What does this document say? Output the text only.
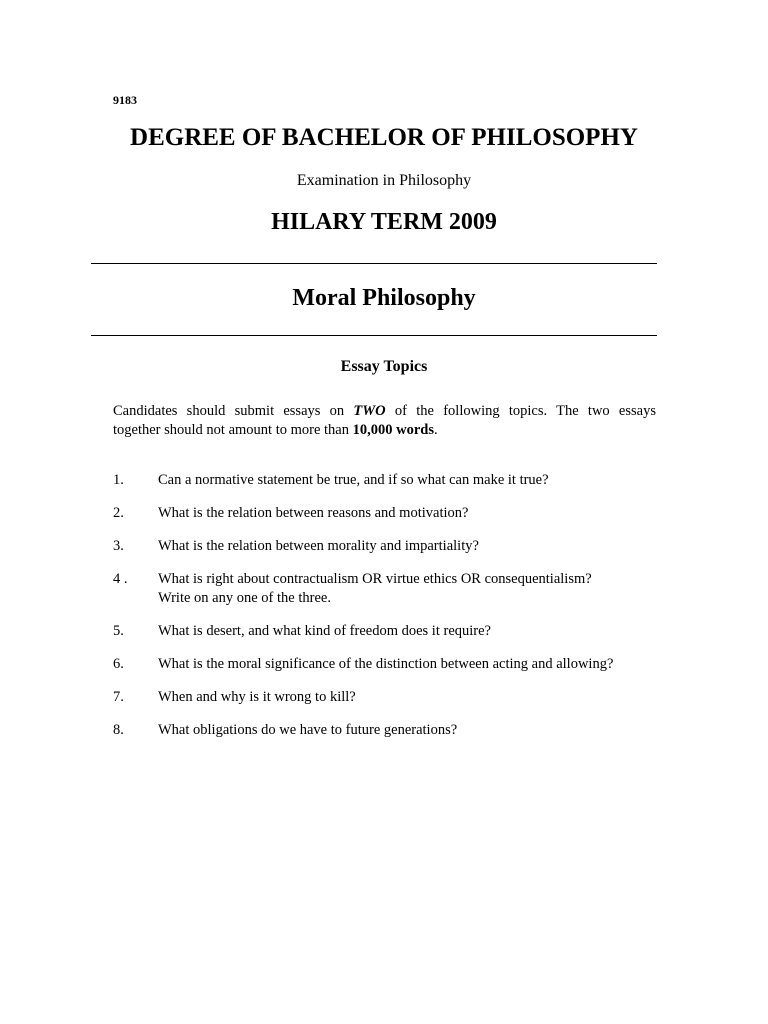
9183
DEGREE OF BACHELOR OF PHILOSOPHY
Examination in Philosophy
HILARY TERM 2009
Moral Philosophy
Essay Topics
Candidates should submit essays on TWO of the following topics. The two essays
together should not amount to more than 10,000 words.
1.	Can a normative statement be true, and if so what can make it true?
2.	What is the relation between reasons and motivation?
3.	What is the relation between morality and impartiality?
4 .	What is right about contractualism OR virtue ethics OR consequentialism?
Write on any one of the three.
5.	What is desert, and what kind of freedom does it require?
6.	What is the moral significance of the distinction between acting and allowing?
7.	When and why is it wrong to kill?
8.	What obligations do we have to future generations?
